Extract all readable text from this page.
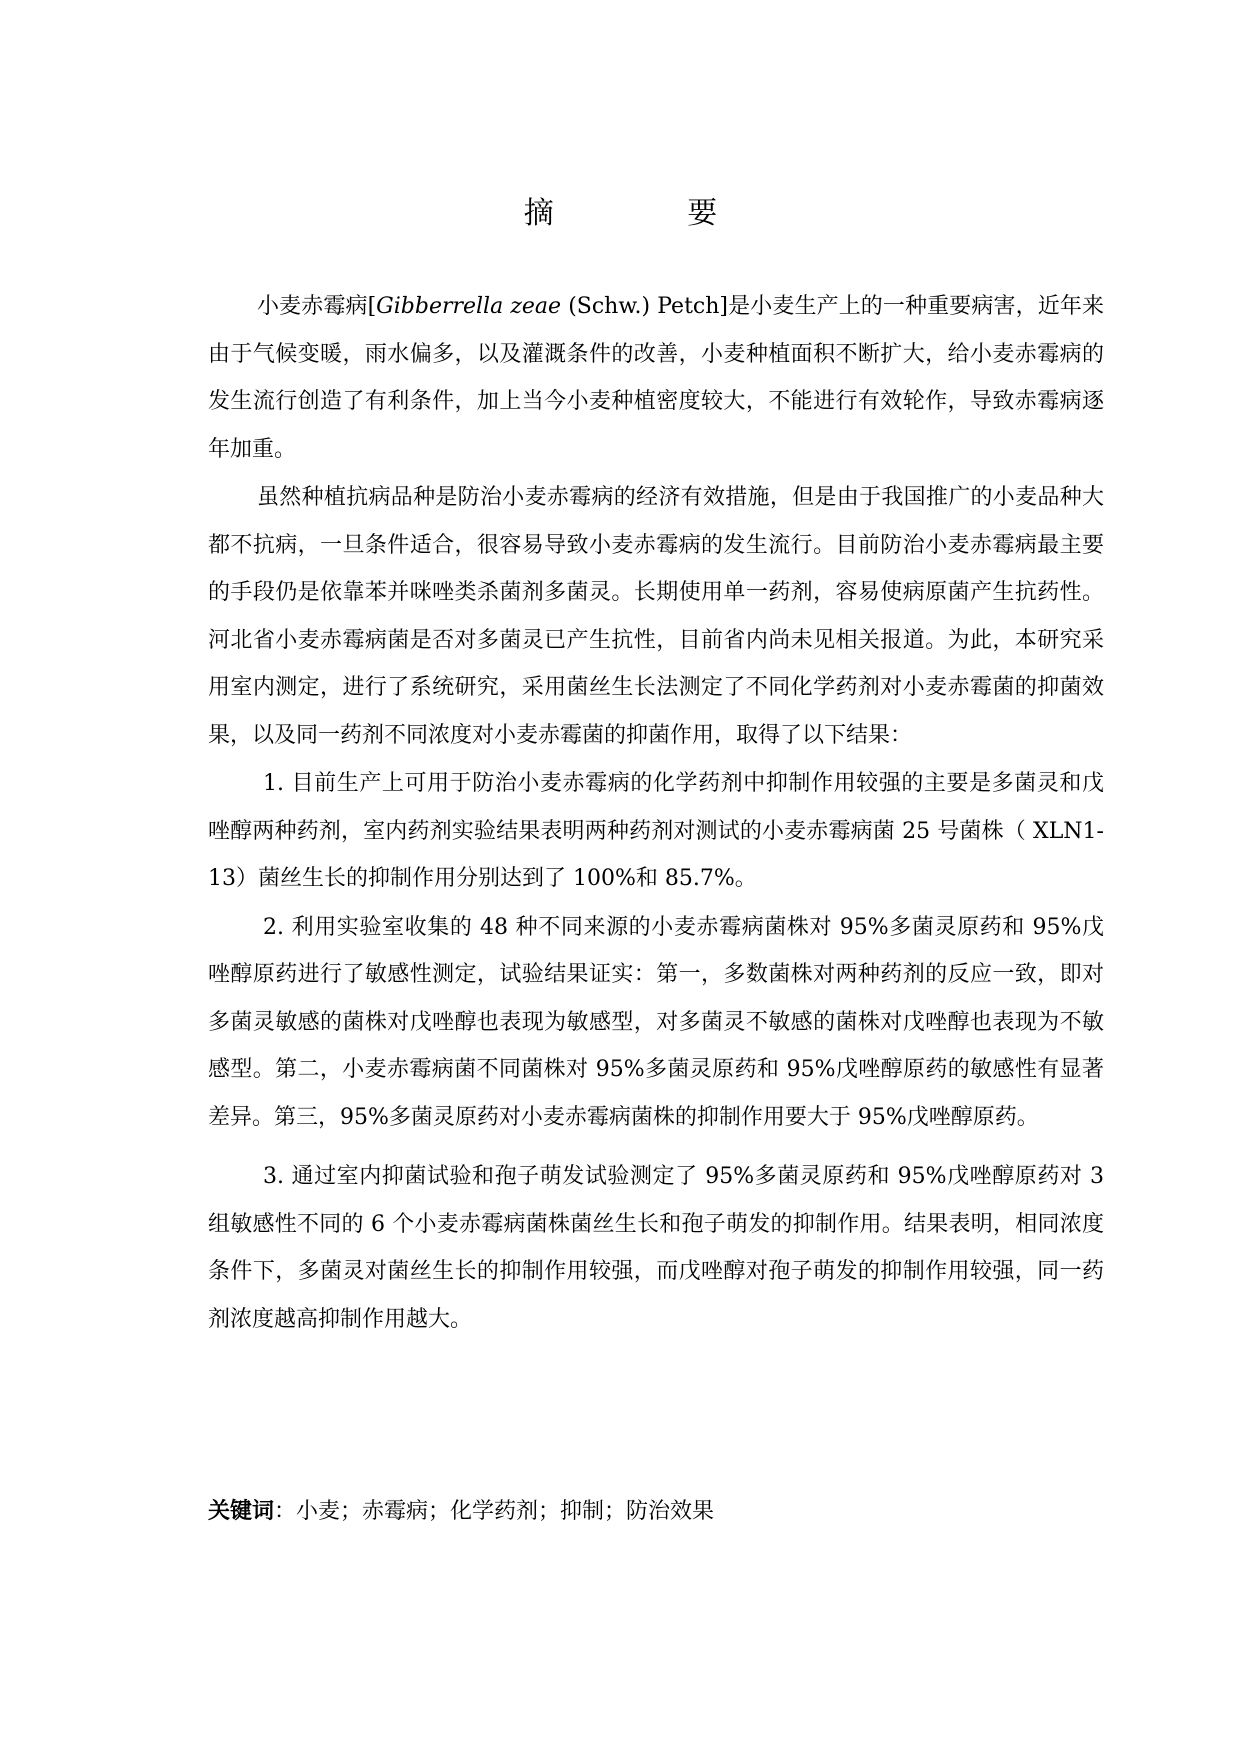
摘 要

小麦赤霉病[Gibberrella zeae (Schw.) Petch]是小麦生产上的一种重要病害，近年来由于气候变暖，雨水偏多，以及灌溉条件的改善，小麦种植面积不断扩大，给小麦赤霉病的发生流行创造了有利条件，加上当今小麦种植密度较大，不能进行有效轮作，导致赤霉病逐年加重。

虽然种植抗病品种是防治小麦赤霉病的经济有效措施，但是由于我国推广的小麦品种大都不抗病，一旦条件适合，很容易导致小麦赤霉病的发生流行。目前防治小麦赤霉病最主要的手段仍是依靠苯并咪唑类杀菌剂多菌灵。长期使用单一药剂，容易使病原菌产生抗药性。河北省小麦赤霉病菌是否对多菌灵已产生抗性，目前省内尚未见相关报道。为此，本研究采用室内测定，进行了系统研究，采用菌丝生长法测定了不同化学药剂对小麦赤霉菌的抑菌效果，以及同一药剂不同浓度对小麦赤霉菌的抑菌作用，取得了以下结果：

1. 目前生产上可用于防治小麦赤霉病的化学药剂中抑制作用较强的主要是多菌灵和戊唑醇两种药剂，室内药剂实验结果表明两种药剂对测试的小麦赤霉病菌 25 号菌株（ XLN1- 13）菌丝生长的抑制作用分别达到了 100%和 85.7%。

2. 利用实验室收集的 48 种不同来源的小麦赤霉病菌株对 95%多菌灵原药和 95%戊唑醇原药进行了敏感性测定，试验结果证实：第一，多数菌株对两种药剂的反应一致，即对多菌灵敏感的菌株对戊唑醇也表现为敏感型，对多菌灵不敏感的菌株对戊唑醇也表现为不敏感型。第二，小麦赤霉病菌不同菌株对 95%多菌灵原药和 95%戊唑醇原药的敏感性有显著差异。第三，95%多菌灵原药对小麦赤霉病菌株的抑制作用要大于 95%戊唑醇原药。

3. 通过室内抑菌试验和孢子萌发试验测定了 95%多菌灵原药和 95%戊唑醇原药对 3 组敏感性不同的 6 个小麦赤霉病菌株菌丝生长和孢子萌发的抑制作用。结果表明，相同浓度条件下，多菌灵对菌丝生长的抑制作用较强，而戊唑醇对孢子萌发的抑制作用较强，同一药剂浓度越高抑制作用越大。

关键词：小麦；赤霉病；化学药剂；抑制；防治效果
